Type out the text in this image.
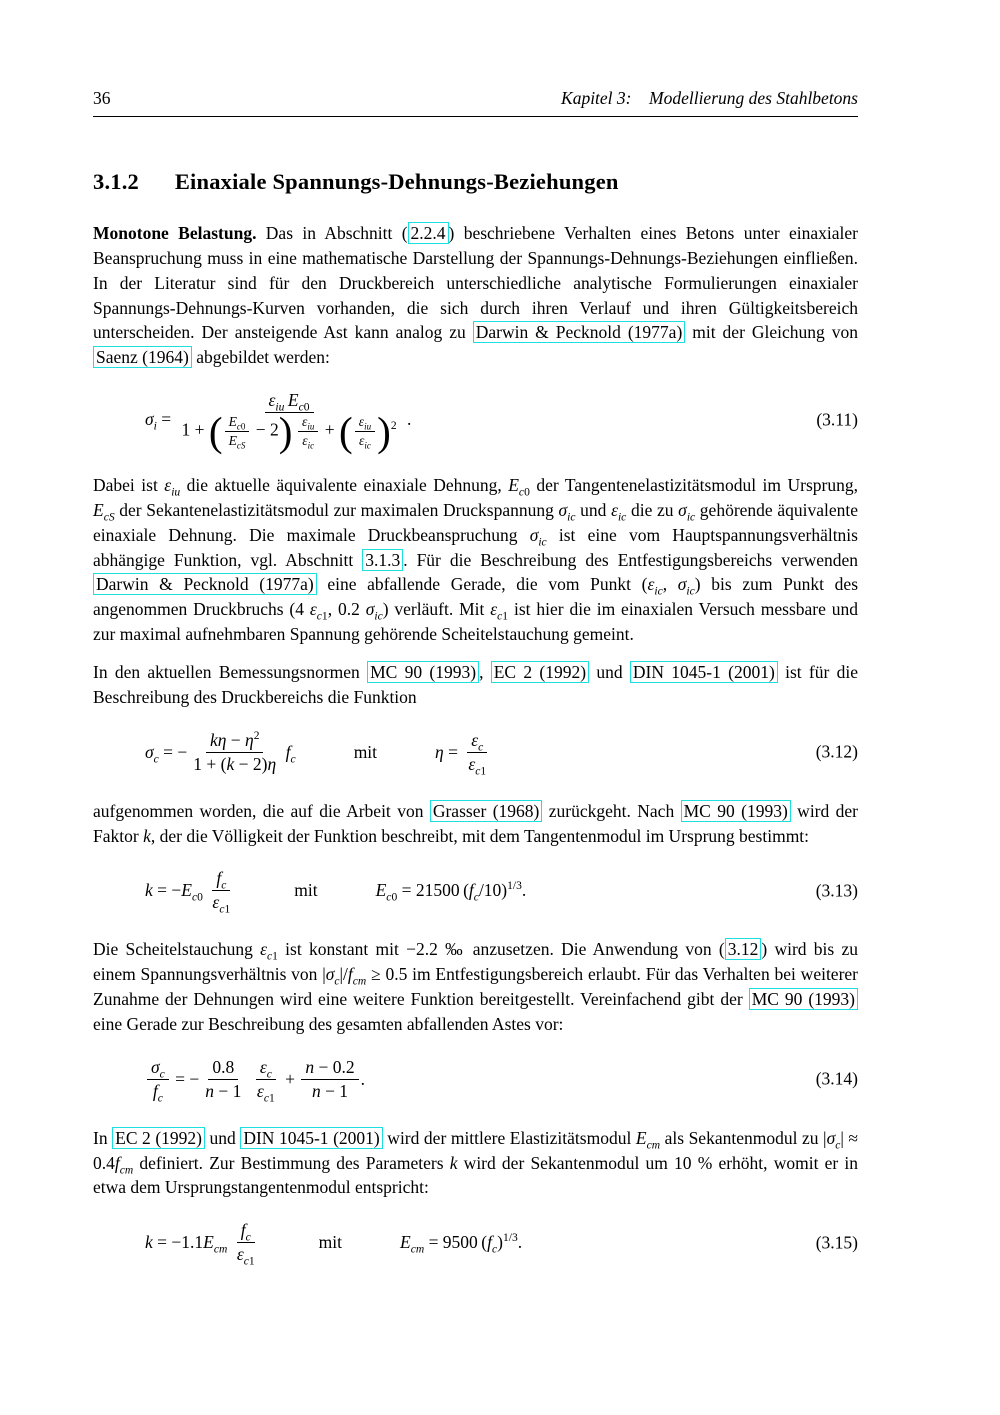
36	Kapitel 3:  Modellierung des Stahlbetons
3.1.2 Einaxiale Spannungs-Dehnungs-Beziehungen

Monotone Belastung. Das in Abschnitt ( 2.2.4 ) beschriebene Verhalten eines Betons unter einaxialer Beanspruchung muss in eine mathematische Darstellung der Spannungs-Dehnungs-Beziehungen einfließen. In der Literatur sind für den Druckbereich unterschiedliche analytische Formulierungen einaxialer Spannungs-Dehnungs-Kurven vorhanden, die sich durch ihren Verlauf und ihren Gültigkeitsbereich unterscheiden. Der ansteigende Ast kann analog zu Darwin & Pecknold (1977a) mit der Gleichung von Saenz (1964) abgebildet werden:

$\sigma_i = \frac{\varepsilon_{iu} E_{c0}}{1 + ( \frac{E_{c0}}{E_{cS}} - 2) \frac{\varepsilon_{iu}}{\varepsilon_{ic}} + ( \frac{\varepsilon_{iu}}{\varepsilon_{ic}} )^2}$ .	(3.11)

Dabei ist $\varepsilon_{iu}$ die aktuelle äquivalente einaxiale Dehnung, $E_{c0}$ der Tangentenelastizitätsmodul im Ursprung, $E_{cS}$ der Sekantenelastizitätsmodul zur maximalen Druckspannung $\sigma_{ic}$ und $\varepsilon_{ic}$ die zu $\sigma_{ic}$ gehörende äquivalente einaxiale Dehnung. Die maximale Druckbeanspruchung $\sigma_{ic}$ ist eine vom Hauptspannungsverhältnis abhängige Funktion, vgl. Abschnitt 3.1.3 . Für die Beschreibung des Entfestigungsbereichs verwenden Darwin & Pecknold (1977a) eine abfallende Gerade, die vom Punkt ($\varepsilon_{ic}$, $\sigma_{ic}$) bis zum Punkt des angenommen Druckbruchs (4 $\varepsilon_{c1}$, 0.2 $\sigma_{ic}$) verläuft. Mit $\varepsilon_{c1}$ ist hier die im einaxialen Versuch messbare und zur maximal aufnehmbaren Spannung gehörende Scheitelstauchung gemeint.

In den aktuellen Bemessungsnormen MC 90 (1993) , EC 2 (1992) und DIN 1045-1 (2001) ist für die Beschreibung des Druckbereichs die Funktion

$\sigma_c$ = − $\frac{k\eta - \eta^2}{1 + (k - 2)\eta}$
  $f_c$	mit	$\eta = \frac{\varepsilon_c}{\varepsilon_{c1}}$	(3.12)

aufgenommen worden, die auf die Arbeit von Grasser (1968) zurückgeht. Nach MC 90 (1993) wird der Faktor k, der die Völligkeit der Funktion beschreibt, mit dem Tangentenmodul im Ursprung bestimmt:

$k = -E_{c0} \frac{f_c}{\varepsilon_{c1}}$	mit	$E_{c0} = 21500$ $(f_c/10)^{1/3}$.	(3.13)

Die Scheitelstauchung $\varepsilon_{c1}$ ist konstant mit −2.2 ‰ anzusetzen. Die Anwendung von ( 3.12 ) wird bis zu einem Spannungsverhältnis von $|\sigma_c|/f_{cm} \ge 0.5$ im Entfestigungsbereich erlaubt. Für das Verhalten bei weiterer Zunahme der Dehnungen wird eine weitere Funktion bereitgestellt. Vereinfachend gibt der MC 90 (1993) eine Gerade zur Beschreibung des gesamten abfallenden Astes vor:

$\frac{\sigma_c}{f_c}$ = − $\frac{0.8}{n - 1}$
  $\frac{\varepsilon_c}{\varepsilon_{c1}} + \frac{n - 0.2}{n - 1}$ .	(3.14)

In EC 2 (1992) und DIN 1045-1 (2001) wird der mittlere Elastizitätsmodul $E_{cm}$ als Sekantenmodul zu $|\sigma_c| \approx 0.4f_{cm}$ definiert. Zur Bestimmung des Parameters k wird der Sekantenmodul um 10 % erhöht, womit er in etwa dem Ursprungstangentenmodul entspricht:

$k = -1.1E_{cm} \frac{f_c}{\varepsilon_{c1}}$	mit	$E_{cm} = 9500$ $(f_c)^{1/3}$.	(3.15)
